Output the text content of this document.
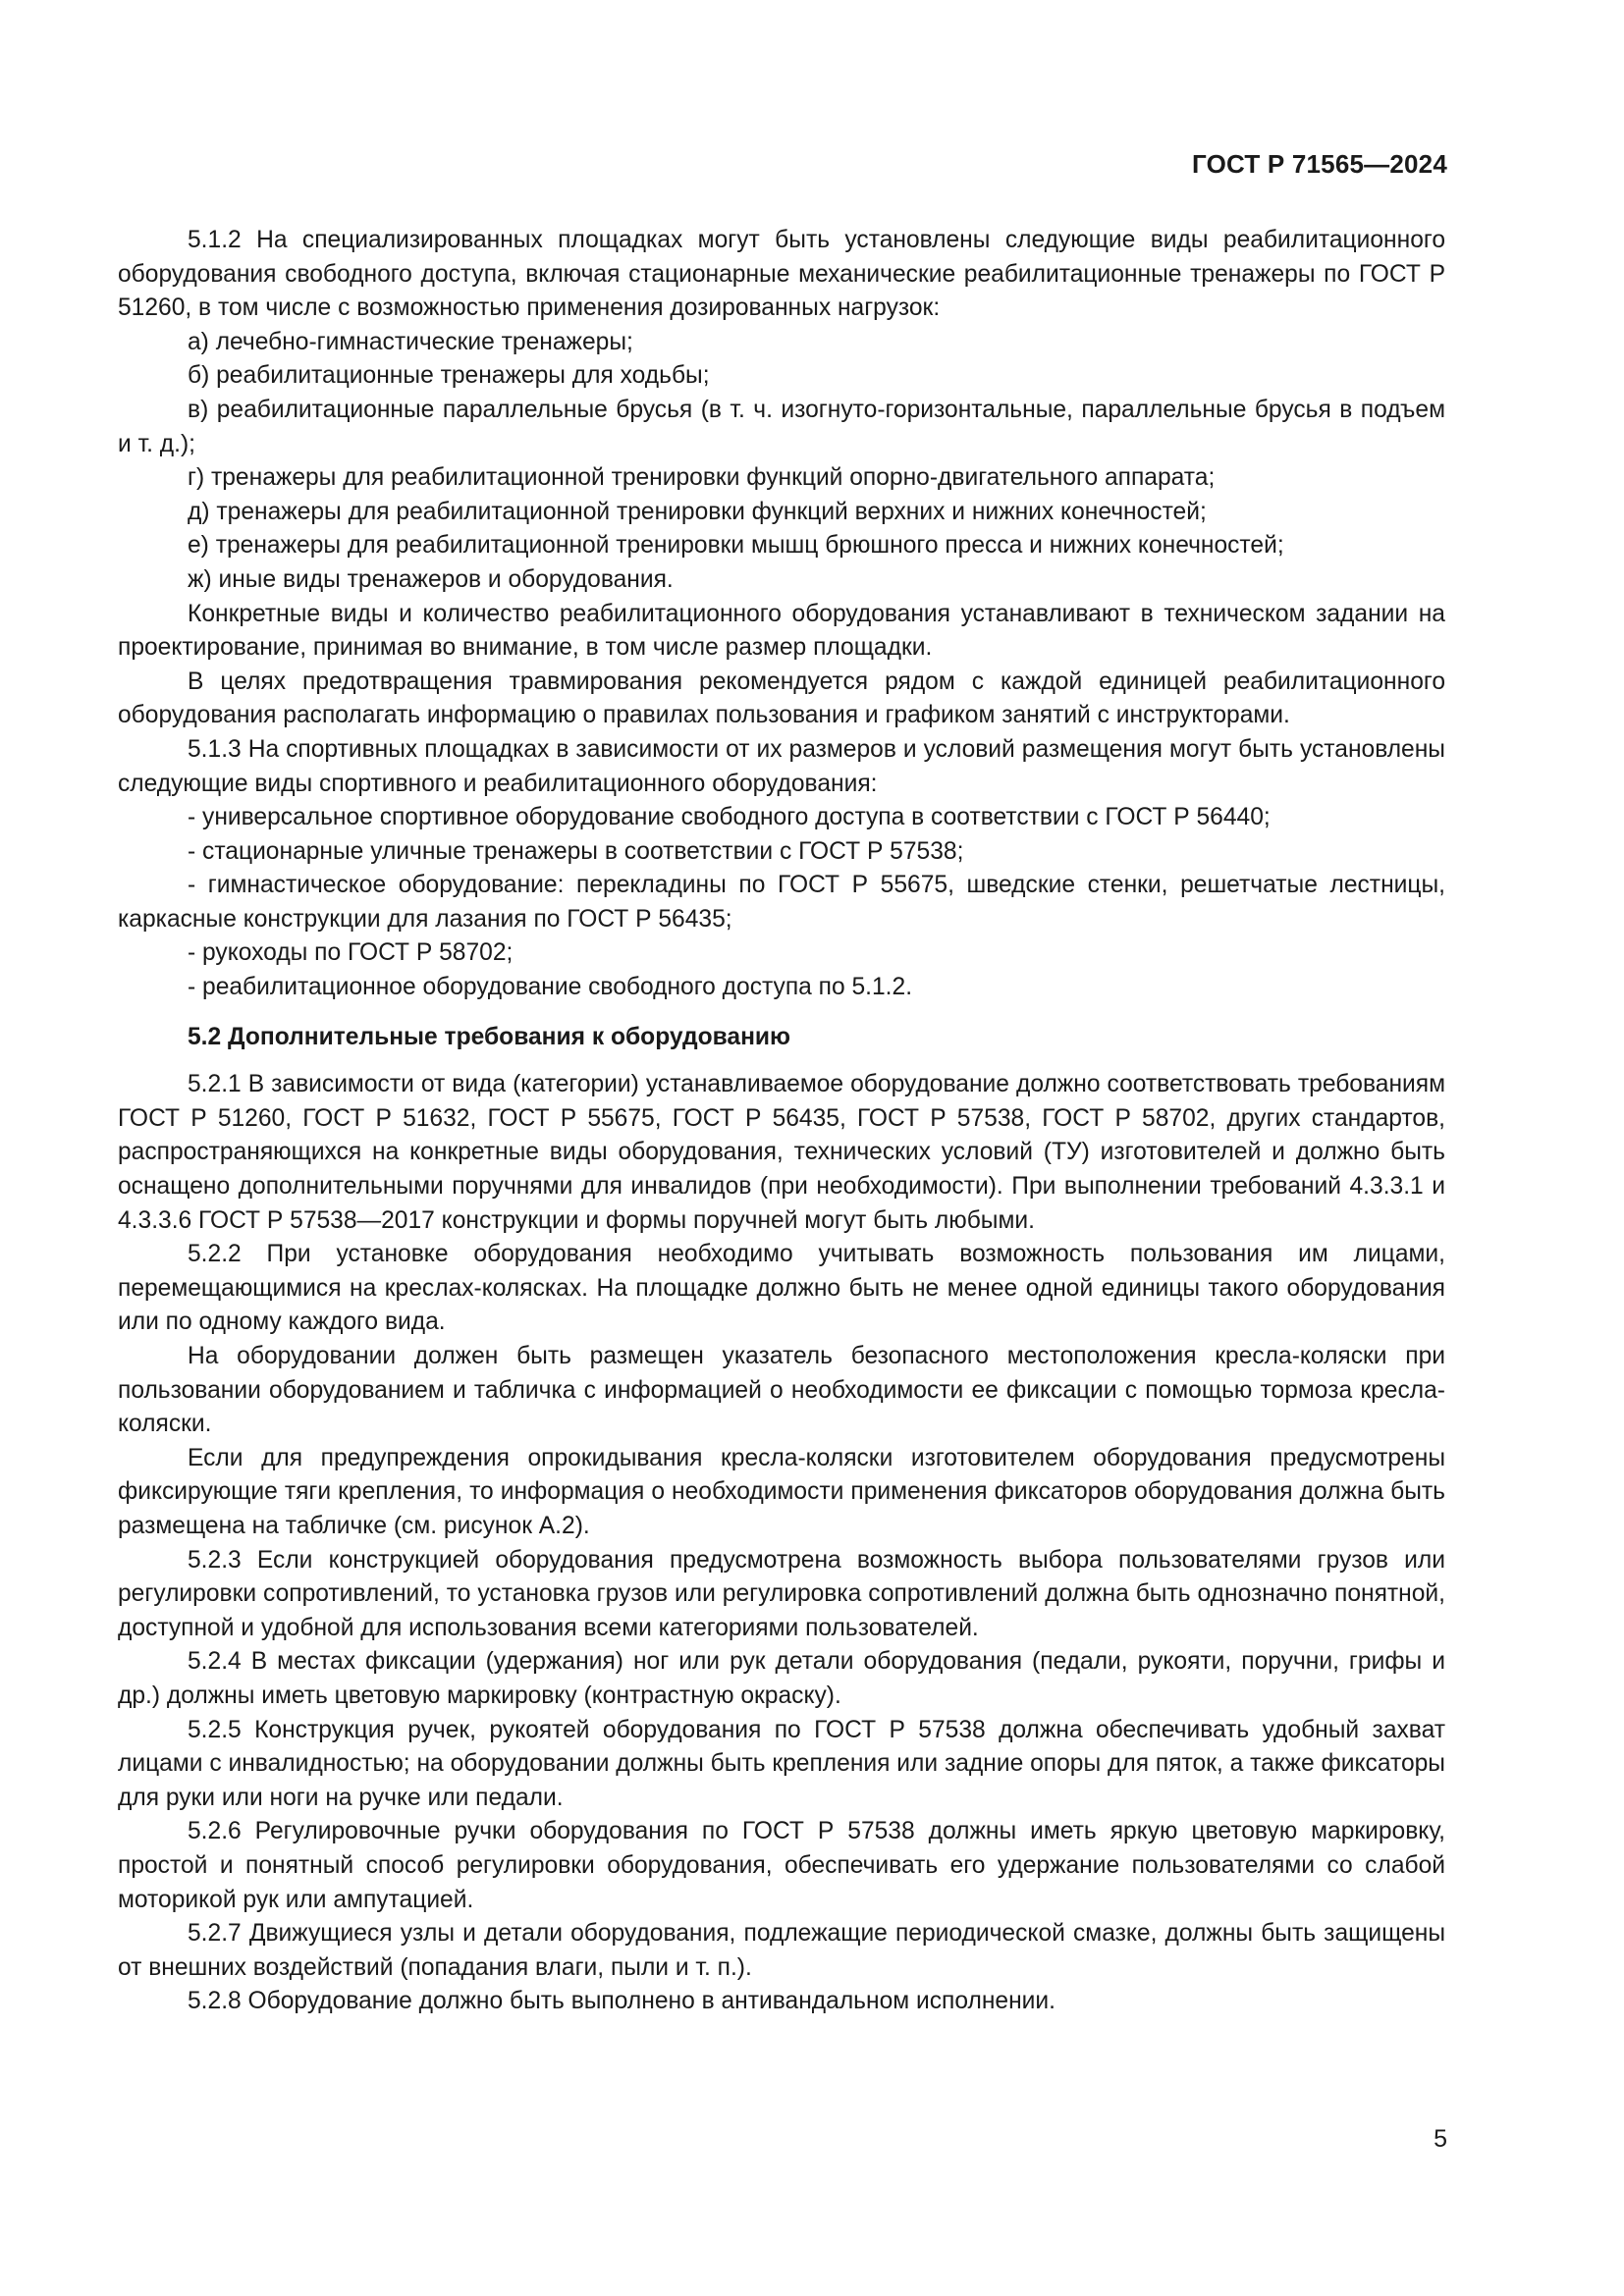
ГОСТ Р 71565—2024

5.1.2 На специализированных площадках могут быть установлены следующие виды реабилитационного оборудования свободного доступа, включая стационарные механические реабилитационные тренажеры по ГОСТ Р 51260, в том числе с возможностью применения дозированных нагрузок:

а) лечебно-гимнастические тренажеры;

б) реабилитационные тренажеры для ходьбы;

в) реабилитационные параллельные брусья (в т. ч. изогнуто-горизонтальные, параллельные брусья в подъем и т. д.);

г) тренажеры для реабилитационной тренировки функций опорно-двигательного аппарата;

д) тренажеры для реабилитационной тренировки функций верхних и нижних конечностей;

е) тренажеры для реабилитационной тренировки мышц брюшного пресса и нижних конечностей;

ж) иные виды тренажеров и оборудования.

Конкретные виды и количество реабилитационного оборудования устанавливают в техническом задании на проектирование, принимая во внимание, в том числе размер площадки.

В целях предотвращения травмирования рекомендуется рядом с каждой единицей реабилитационного оборудования располагать информацию о правилах пользования и графиком занятий с инструкторами.

5.1.3 На спортивных площадках в зависимости от их размеров и условий размещения могут быть установлены следующие виды спортивного и реабилитационного оборудования:

- универсальное спортивное оборудование свободного доступа в соответствии с ГОСТ Р 56440;

- стационарные уличные тренажеры в соответствии с ГОСТ Р 57538;

- гимнастическое оборудование: перекладины по ГОСТ Р 55675, шведские стенки, решетчатые лестницы, каркасные конструкции для лазания по ГОСТ Р 56435;

- рукоходы по ГОСТ Р 58702;

- реабилитационное оборудование свободного доступа по 5.1.2.

5.2 Дополнительные требования к оборудованию

5.2.1 В зависимости от вида (категории) устанавливаемое оборудование должно соответствовать требованиям ГОСТ Р 51260, ГОСТ Р 51632, ГОСТ Р 55675, ГОСТ Р 56435, ГОСТ Р 57538, ГОСТ Р 58702, других стандартов, распространяющихся на конкретные виды оборудования, технических условий (ТУ) изготовителей и должно быть оснащено дополнительными поручнями для инвалидов (при необходимости). При выполнении требований 4.3.3.1 и 4.3.3.6 ГОСТ Р 57538—2017 конструкции и формы поручней могут быть любыми.

5.2.2 При установке оборудования необходимо учитывать возможность пользования им лицами, перемещающимися на креслах-колясках. На площадке должно быть не менее одной единицы такого оборудования или по одному каждого вида.

На оборудовании должен быть размещен указатель безопасного местоположения кресла-коляски при пользовании оборудованием и табличка с информацией о необходимости ее фиксации с помощью тормоза кресла-коляски.

Если для предупреждения опрокидывания кресла-коляски изготовителем оборудования предусмотрены фиксирующие тяги крепления, то информация о необходимости применения фиксаторов оборудования должна быть размещена на табличке (см. рисунок А.2).

5.2.3 Если конструкцией оборудования предусмотрена возможность выбора пользователями грузов или регулировки сопротивлений, то установка грузов или регулировка сопротивлений должна быть однозначно понятной, доступной и удобной для использования всеми категориями пользователей.

5.2.4 В местах фиксации (удержания) ног или рук детали оборудования (педали, рукояти, поручни, грифы и др.) должны иметь цветовую маркировку (контрастную окраску).

5.2.5 Конструкция ручек, рукоятей оборудования по ГОСТ Р 57538 должна обеспечивать удобный захват лицами с инвалидностью; на оборудовании должны быть крепления или задние опоры для пяток, а также фиксаторы для руки или ноги на ручке или педали.

5.2.6 Регулировочные ручки оборудования по ГОСТ Р 57538 должны иметь яркую цветовую маркировку, простой и понятный способ регулировки оборудования, обеспечивать его удержание пользователями со слабой моторикой рук или ампутацией.

5.2.7 Движущиеся узлы и детали оборудования, подлежащие периодической смазке, должны быть защищены от внешних воздействий (попадания влаги, пыли и т. п.).

5.2.8 Оборудование должно быть выполнено в антивандальном исполнении.

5
